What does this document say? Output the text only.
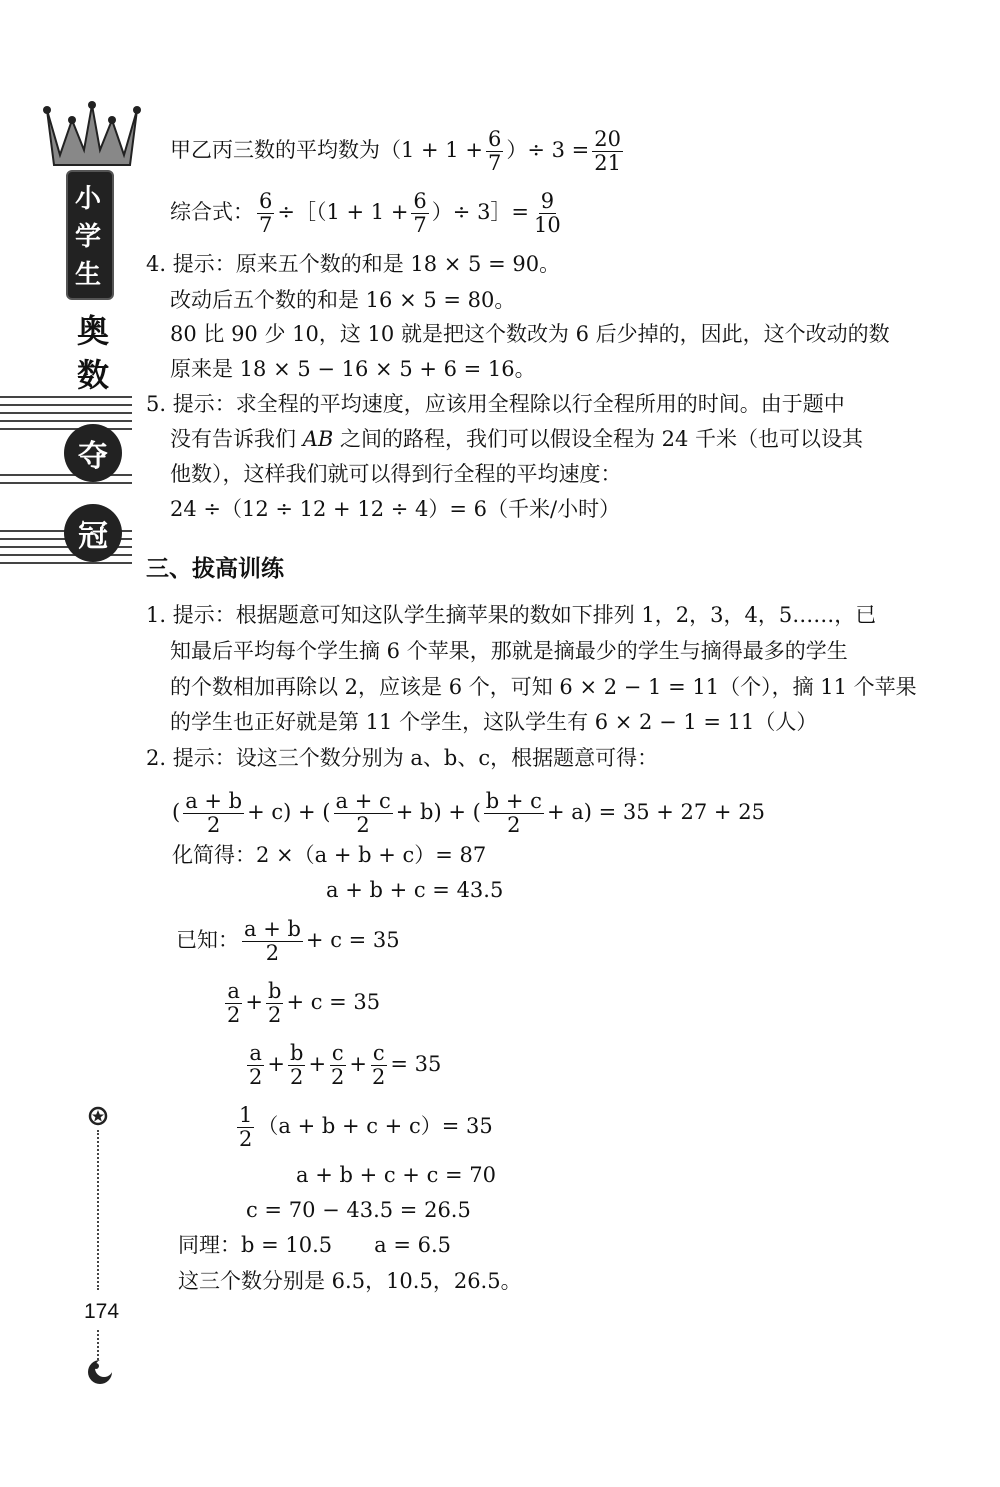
小
学
生
奥
数
夺
冠
174
甲乙丙三数的平均数为（$1 + 1 + \frac{6}{7}$ ）÷ $3 = \frac{20}{21}$
综合式： $\frac{6}{7}$ ÷［（1 + $1 + \frac{6}{7}$ ）÷ 3］= $\frac{9}{10}$
4. 提示：原来五个数的和是 18 × 5 = 90。
改动后五个数的和是 16 × 5 = 80。
80 比 90 少 10，这 10 就是把这个数改为 6 后少掉的，因此，这个改动的数
原来是 18 × 5 − 16 × 5 + 6 = 16。
5. 提示：求全程的平均速度，应该用全程除以行全程所用的时间。由于题中
没有告诉我们 AB 之间的路程，我们可以假设全程为 24 千米（也可以设其
他数），这样我们就可以得到行全程的平均速度：
24 ÷（12 ÷ 12 + 12 ÷ 4）= 6（千米/小时）
三、拔高训练
1. 提示：根据题意可知这队学生摘苹果的数如下排列 1，2，3，4，5……，已
知最后平均每个学生摘 6 个苹果，那就是摘最少的学生与摘得最多的学生
的个数相加再除以 2，应该是 6 个，可知 6 × 2 − 1 = 11（个），摘 11 个苹果
的学生也正好就是第 11 个学生，这队学生有 6 × 2 − 1 = 11（人）
2. 提示：设这三个数分别为 a、b、c，根据题意可得：
( $\frac{a + b}{2} + c$) + ( $\frac{a + c}{2} + b$) + ( $\frac{b + c}{2} + a) = 35 + 27 + 25$
化简得：2 ×（a + b + c）= 87
a + b + c = 43.5
已知： $\frac{a + b}{2} + c = 35$
$\frac{a}{2} + \frac{b}{2} + c = 35$
$\frac{a}{2} + \frac{b}{2} + \frac{c}{2} + \frac{c}{2} = 35$
$\frac{1}{2} (a + b + c + c)= 35$
a + b + c + c = 70
c = 70 − 43.5 = 26.5
同理：b = 10.5　　a = 6.5
这三个数分别是 6.5，10.5，26.5。
